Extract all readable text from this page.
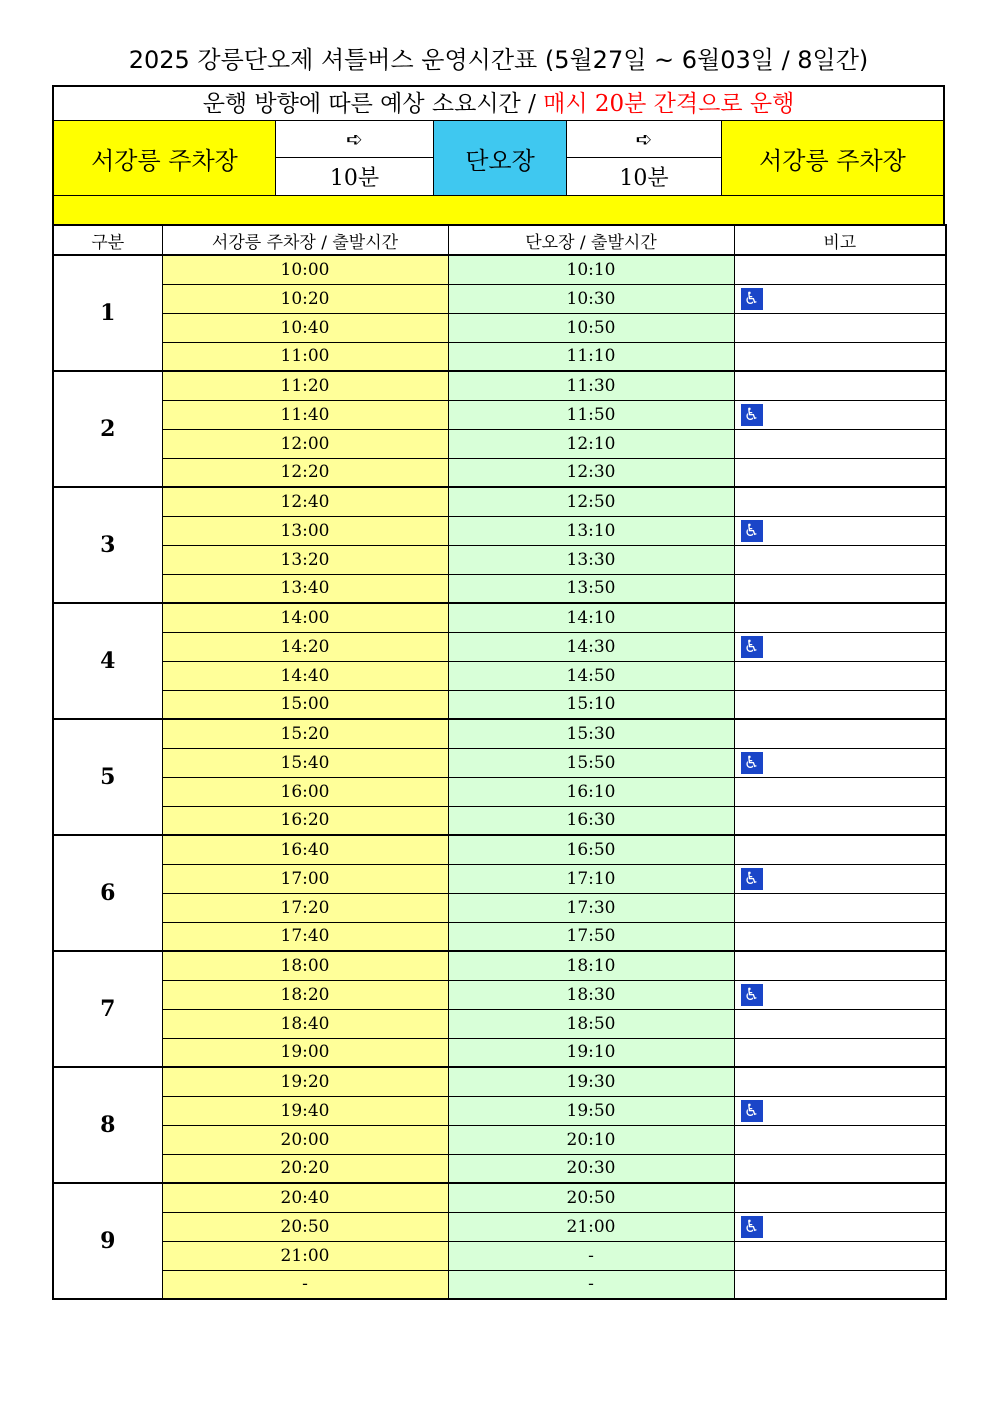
2025 강릉단오제 셔틀버스 운영시간표 (5월27일 ~ 6월03일 / 8일간)
운행 방향에 따른 예상 소요시간 / 매시 20분 간격으로 운행
서강릉 주차장
➪
10분
단오장
➪
10분
서강릉 주차장
구분	서강릉 주차장 / 출발시간	단오장 / 출발시간	비고
1	10:00	10:10	
	10:20	10:30	♿
	10:40	10:50	
	11:00	11:10	
2	11:20	11:30	
	11:40	11:50	♿
	12:00	12:10	
	12:20	12:30	
3	12:40	12:50	
	13:00	13:10	♿
	13:20	13:30	
	13:40	13:50	
4	14:00	14:10	
	14:20	14:30	♿
	14:40	14:50	
	15:00	15:10	
5	15:20	15:30	
	15:40	15:50	♿
	16:00	16:10	
	16:20	16:30	
6	16:40	16:50	
	17:00	17:10	♿
	17:20	17:30	
	17:40	17:50	
7	18:00	18:10	
	18:20	18:30	♿
	18:40	18:50	
	19:00	19:10	
8	19:20	19:30	
	19:40	19:50	♿
	20:00	20:10	
	20:20	20:30	
9	20:40	20:50	
	20:50	21:00	♿
	21:00	-	
	-	-	
